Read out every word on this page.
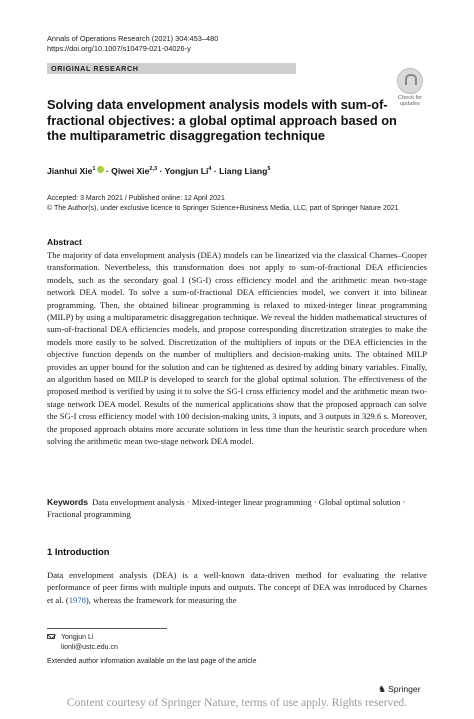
Annals of Operations Research (2021) 304:453–480
https://doi.org/10.1007/s10479-021-04026-y
ORIGINAL RESEARCH
Check for
updates
Solving data envelopment analysis models with sum-of-fractional objectives: a global optimal approach based on the multiparametric disaggregation technique
Jianhui Xie$^1$ · Qiwei Xie$^{2,3}$ · Yongjun $Li^4$ · Liang Liang$^5$
Accepted: 3 March 2021 / Published online: 12 April 2021
© The Author(s), under exclusive licence to Springer Science+Business Media, LLC, part of Springer Nature 2021
Abstract
The majority of data envelopment analysis (DEA) models can be linearized via the classical Charnes–Cooper transformation. Nevertheless, this transformation does not apply to sum-of-fractional DEA efficiencies models, such as the secondary goal I (SG-I) cross efficiency model and the arithmetic mean two-stage network DEA model. To solve a sum-of-fractional DEA efficiencies model, we convert it into bilinear programming. Then, the obtained bilinear programming is relaxed to mixed-integer linear programming (MILP) by using a multiparametric disaggregation technique. We reveal the hidden mathematical structures of sum-of-fractional DEA efficiencies models, and propose corresponding discretization strategies to make the models more easily to be solved. Discretization of the multipliers of inputs or the DEA efficiencies in the objective function depends on the number of multipliers and decision-making units. The obtained MILP provides an upper bound for the solution and can be tightened as desired by adding binary variables. Finally, an algorithm based on MILP is developed to search for the global optimal solution. The effectiveness of the proposed method is verified by using it to solve the SG-I cross efficiency model and the arithmetic mean two-stage network DEA model. Results of the numerical applications show that the proposed approach can solve the SG-I cross efficiency model with 100 decision-making units, 3 inputs, and 3 outputs in 329.6 s. Moreover, the proposed approach obtains more accurate solutions in less time than the heuristic search procedure when solving the arithmetic mean two-stage network DEA model.
Keywords Data envelopment analysis · Mixed-integer linear programming · Global optimal solution · Fractional programming
1 Introduction
Data envelopment analysis (DEA) is a well-known data-driven method for evaluating the relative performance of peer firms with multiple inputs and outputs. The concept of DEA was introduced by Charnes et al. (1978), whereas the framework for measuring the
Yongjun Li
lionli@ustc.edu.cn
Extended author information available on the last page of the article
♞ Springer
Content courtesy of Springer Nature, terms of use apply. Rights reserved.
